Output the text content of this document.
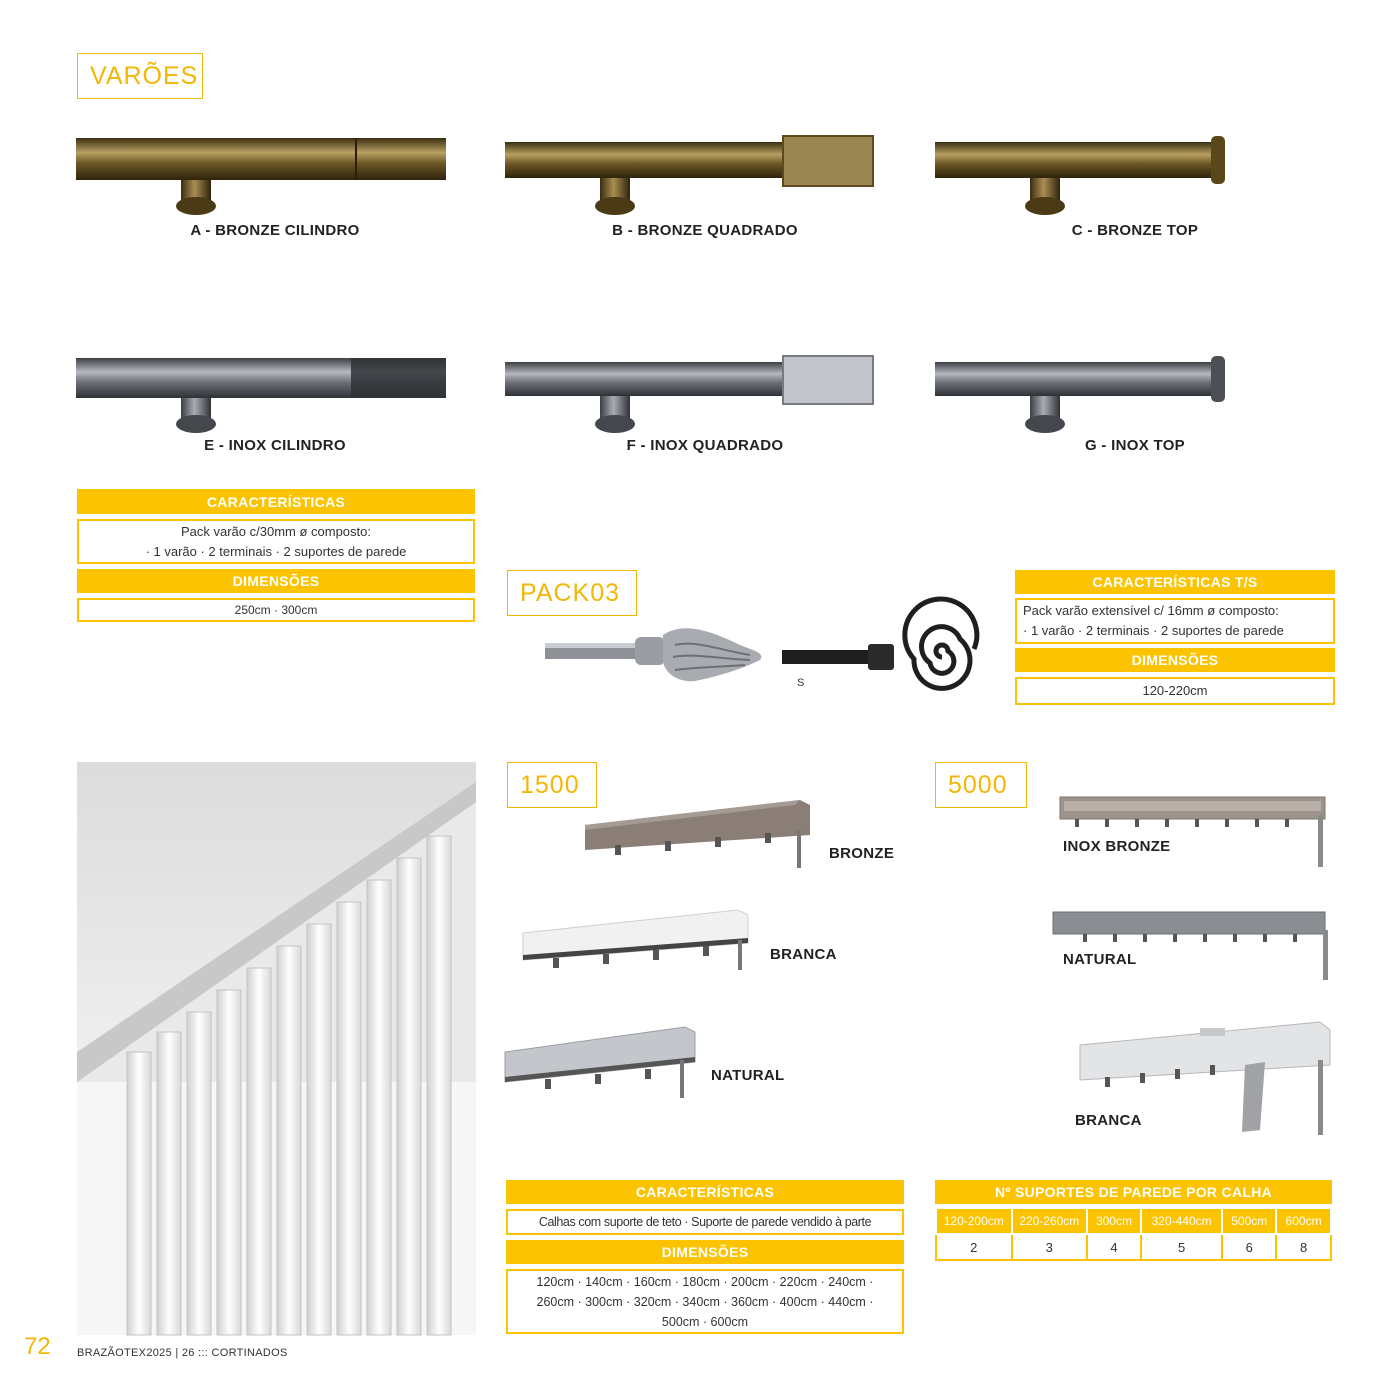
VARÕES
A - BRONZE CILINDRO	B - BRONZE QUADRADO	C - BRONZE TOP
E - INOX CILINDRO	F - INOX QUADRADO	G - INOX TOP
CARACTERÍSTICAS
Pack varão c/30mm ø composto:
· 1 varão · 2 terminais · 2 suportes de parede
DIMENSÕES
250cm · 300cm
PACK03
S
CARACTERÍSTICAS T/S
Pack varão extensível c/ 16mm ø composto:
· 1 varão · 2 terminais · 2 suportes de parede
DIMENSÕES
120-220cm
1500
BRONZE
BRANCA
NATURAL
CARACTERÍSTICAS
Calhas com suporte de teto · Suporte de parede vendido à parte
DIMENSÕES
120cm · 140cm · 160cm · 180cm · 200cm · 220cm · 240cm ·
260cm · 300cm · 320cm · 340cm · 360cm · 400cm · 440cm ·
500cm · 600cm
5000
INOX BRONZE
NATURAL
BRANCA
Nº SUPORTES DE PAREDE POR CALHA
120-200cm	220-260cm	300cm	320-440cm	500cm	600cm
2	3	4	5	6	8
72 BRAZÃOTEX2025 | 26 ::: CORTINADOS
